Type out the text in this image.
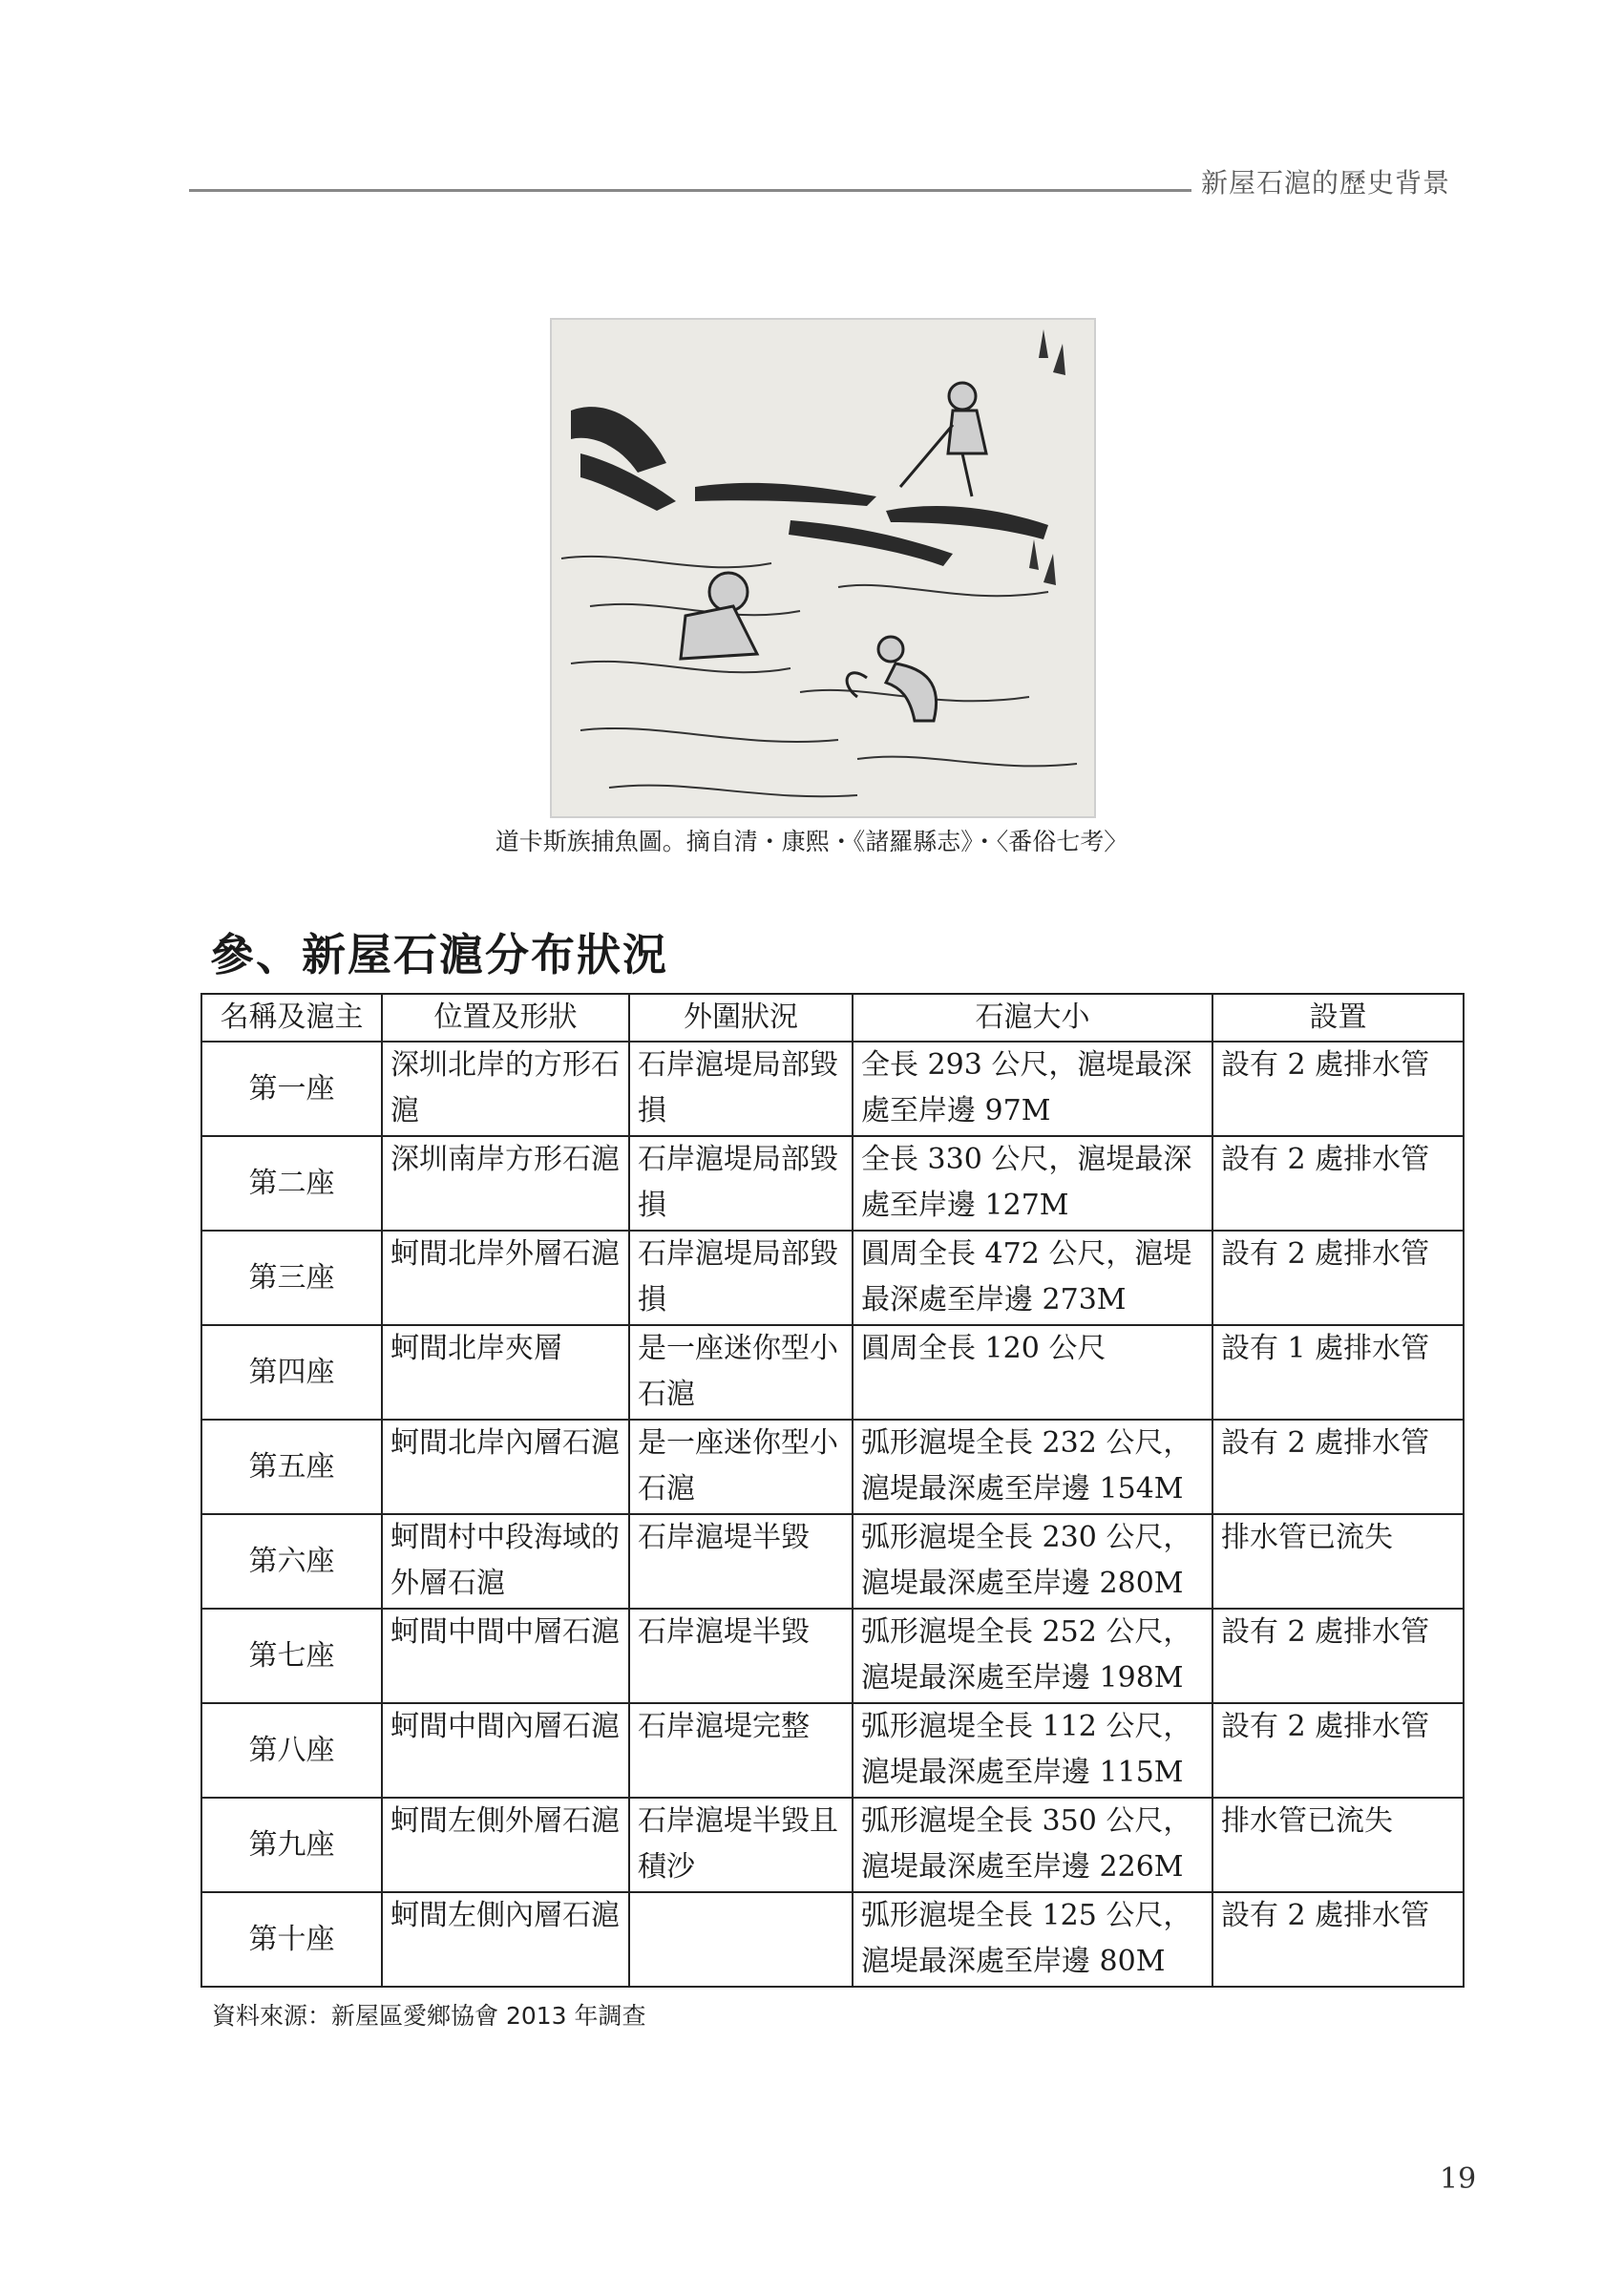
新屋石滬的歷史背景
道卡斯族捕魚圖。摘自清・康熙・《諸羅縣志》・〈番俗七考〉
參、新屋石滬分布狀況
名稱及滬主	位置及形狀	外圍狀況	石滬大小	設置
第一座	深圳北岸的方形石滬	石岸滬堤局部毀損	全長 293 公尺，滬堤最深處至岸邊 97M	設有 2 處排水管
第二座	深圳南岸方形石滬	石岸滬堤局部毀損	全長 330 公尺，滬堤最深處至岸邊 127M	設有 2 處排水管
第三座	蚵間北岸外層石滬	石岸滬堤局部毀損	圓周全長 472 公尺，滬堤最深處至岸邊 273M	設有 2 處排水管
第四座	蚵間北岸夾層	是一座迷你型小石滬	圓周全長 120 公尺	設有 1 處排水管
第五座	蚵間北岸內層石滬	是一座迷你型小石滬	弧形滬堤全長 232 公尺，滬堤最深處至岸邊 154M	設有 2 處排水管
第六座	蚵間村中段海域的外層石滬	石岸滬堤半毀	弧形滬堤全長 230 公尺，滬堤最深處至岸邊 280M	排水管已流失
第七座	蚵間中間中層石滬	石岸滬堤半毀	弧形滬堤全長 252 公尺，滬堤最深處至岸邊 198M	設有 2 處排水管
第八座	蚵間中間內層石滬	石岸滬堤完整	弧形滬堤全長 112 公尺，滬堤最深處至岸邊 115M	設有 2 處排水管
第九座	蚵間左側外層石滬	石岸滬堤半毀且積沙	弧形滬堤全長 350 公尺，滬堤最深處至岸邊 226M	排水管已流失
第十座	蚵間左側內層石滬		弧形滬堤全長 125 公尺，滬堤最深處至岸邊 80M	設有 2 處排水管
資料來源：新屋區愛鄉協會 2013 年調查
19
